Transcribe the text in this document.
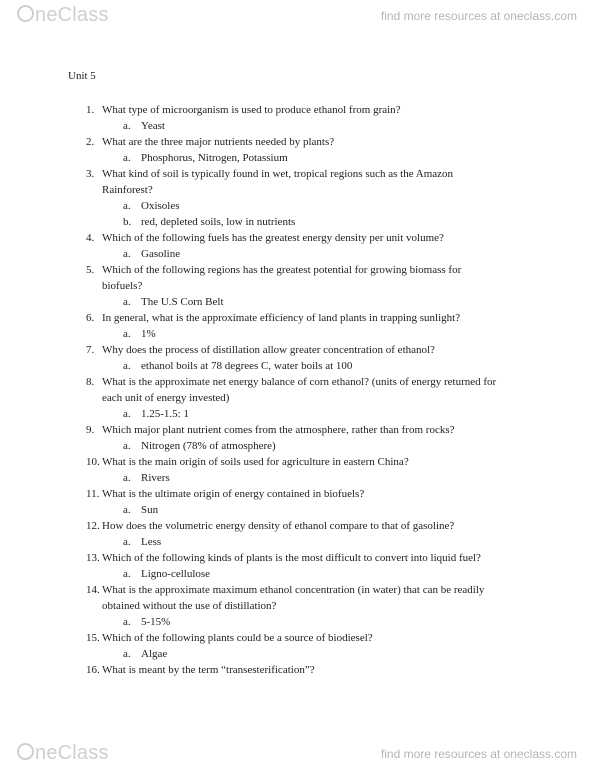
neClass	find more resources at oneclass.com
Unit 5
1. What type of microorganism is used to produce ethanol from grain?
a. Yeast
2. What are the three major nutrients needed by plants?
a. Phosphorus, Nitrogen, Potassium
3. What kind of soil is typically found in wet, tropical regions such as the Amazon
Rainforest?
a. Oxisoles
b. red, depleted soils, low in nutrients
4. Which of the following fuels has the greatest energy density per unit volume?
a. Gasoline
5. Which of the following regions has the greatest potential for growing biomass for
biofuels?
a. The U.S Corn Belt
6. In general, what is the approximate efficiency of land plants in trapping sunlight?
a. 1%
7. Why does the process of distillation allow greater concentration of ethanol?
a. ethanol boils at 78 degrees C, water boils at 100
8. What is the approximate net energy balance of corn ethanol? (units of energy returned for
each unit of energy invested)
a. 1.25-1.5: 1
9. Which major plant nutrient comes from the atmosphere, rather than from rocks?
a. Nitrogen (78% of atmosphere)
10. What is the main origin of soils used for agriculture in eastern China?
a. Rivers
11. What is the ultimate origin of energy contained in biofuels?
a. Sun
12. How does the volumetric energy density of ethanol compare to that of gasoline?
a. Less
13. Which of the following kinds of plants is the most difficult to convert into liquid fuel?
a. Ligno-cellulose
14. What is the approximate maximum ethanol concentration (in water) that can be readily
obtained without the use of distillation?
a. 5-15%
15. Which of the following plants could be a source of biodiesel?
a. Algae
16. What is meant by the term “transesterification”?
neClass	find more resources at oneclass.com
